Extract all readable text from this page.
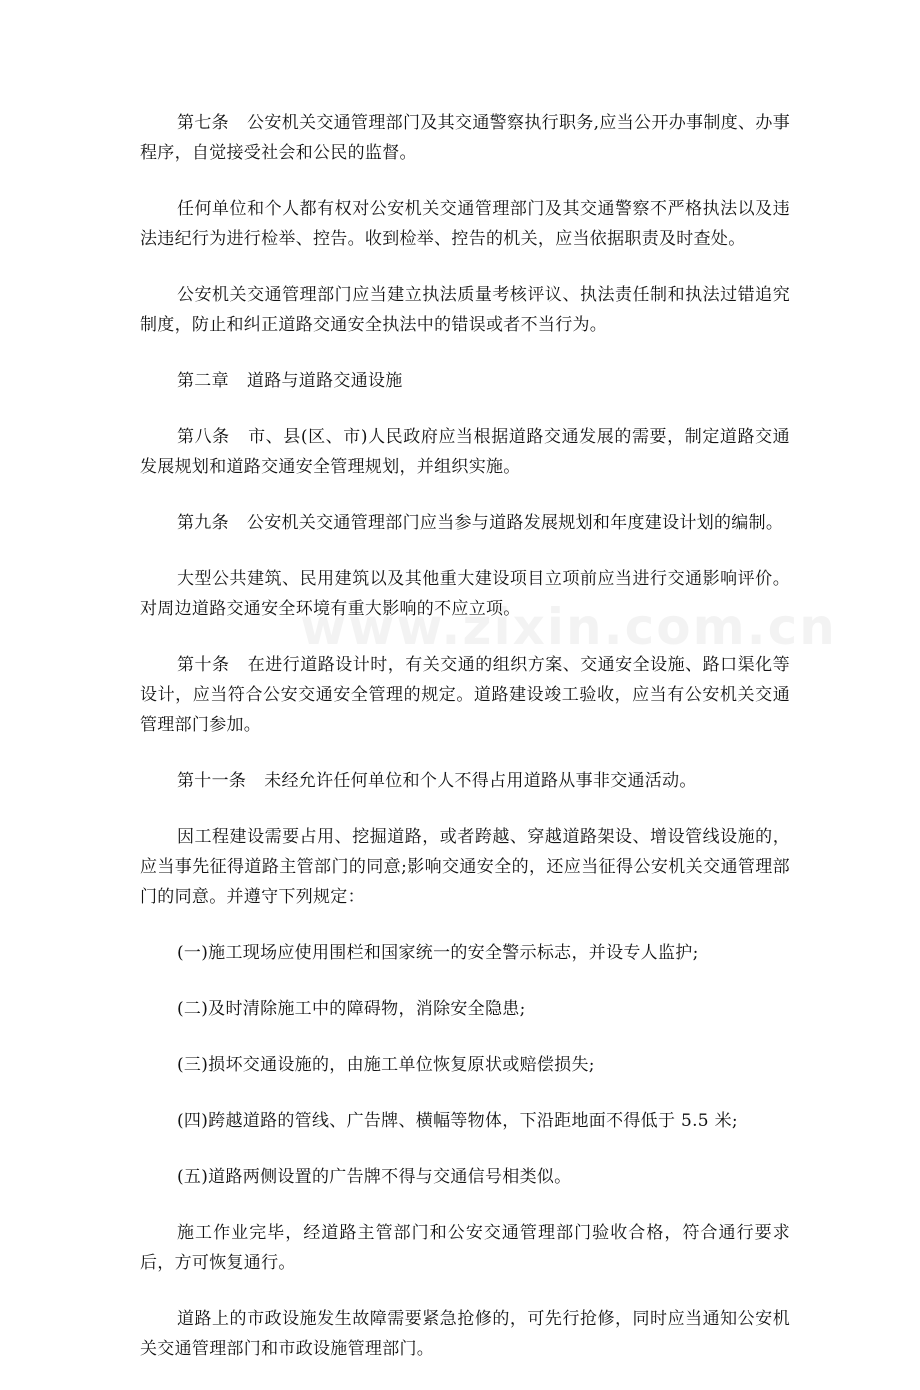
第七条 公安机关交通管理部门及其交通警察执行职务,应当公开办事制度、办事程序，自觉接受社会和公民的监督。

任何单位和个人都有权对公安机关交通管理部门及其交通警察不严格执法以及违法违纪行为进行检举、控告。收到检举、控告的机关，应当依据职责及时查处。

公安机关交通管理部门应当建立执法质量考核评议、执法责任制和执法过错追究制度，防止和纠正道路交通安全执法中的错误或者不当行为。

第二章 道路与道路交通设施

第八条 市、县(区、市)人民政府应当根据道路交通发展的需要，制定道路交通发展规划和道路交通安全管理规划，并组织实施。

第九条 公安机关交通管理部门应当参与道路发展规划和年度建设计划的编制。

大型公共建筑、民用建筑以及其他重大建设项目立项前应当进行交通影响评价。对周边道路交通安全环境有重大影响的不应立项。

第十条 在进行道路设计时，有关交通的组织方案、交通安全设施、路口渠化等设计，应当符合公安交通安全管理的规定。道路建设竣工验收，应当有公安机关交通管理部门参加。

第十一条 未经允许任何单位和个人不得占用道路从事非交通活动。

因工程建设需要占用、挖掘道路，或者跨越、穿越道路架设、增设管线设施的，应当事先征得道路主管部门的同意;影响交通安全的，还应当征得公安机关交通管理部门的同意。并遵守下列规定：

(一)施工现场应使用围栏和国家统一的安全警示标志，并设专人监护;

(二)及时清除施工中的障碍物，消除安全隐患;

(三)损坏交通设施的，由施工单位恢复原状或赔偿损失;

(四)跨越道路的管线、广告牌、横幅等物体，下沿距地面不得低于 5.5 米;

(五)道路两侧设置的广告牌不得与交通信号相类似。

施工作业完毕，经道路主管部门和公安交通管理部门验收合格，符合通行要求后，方可恢复通行。

道路上的市政设施发生故障需要紧急抢修的，可先行抢修，同时应当通知公安机关交通管理部门和市政设施管理部门。
